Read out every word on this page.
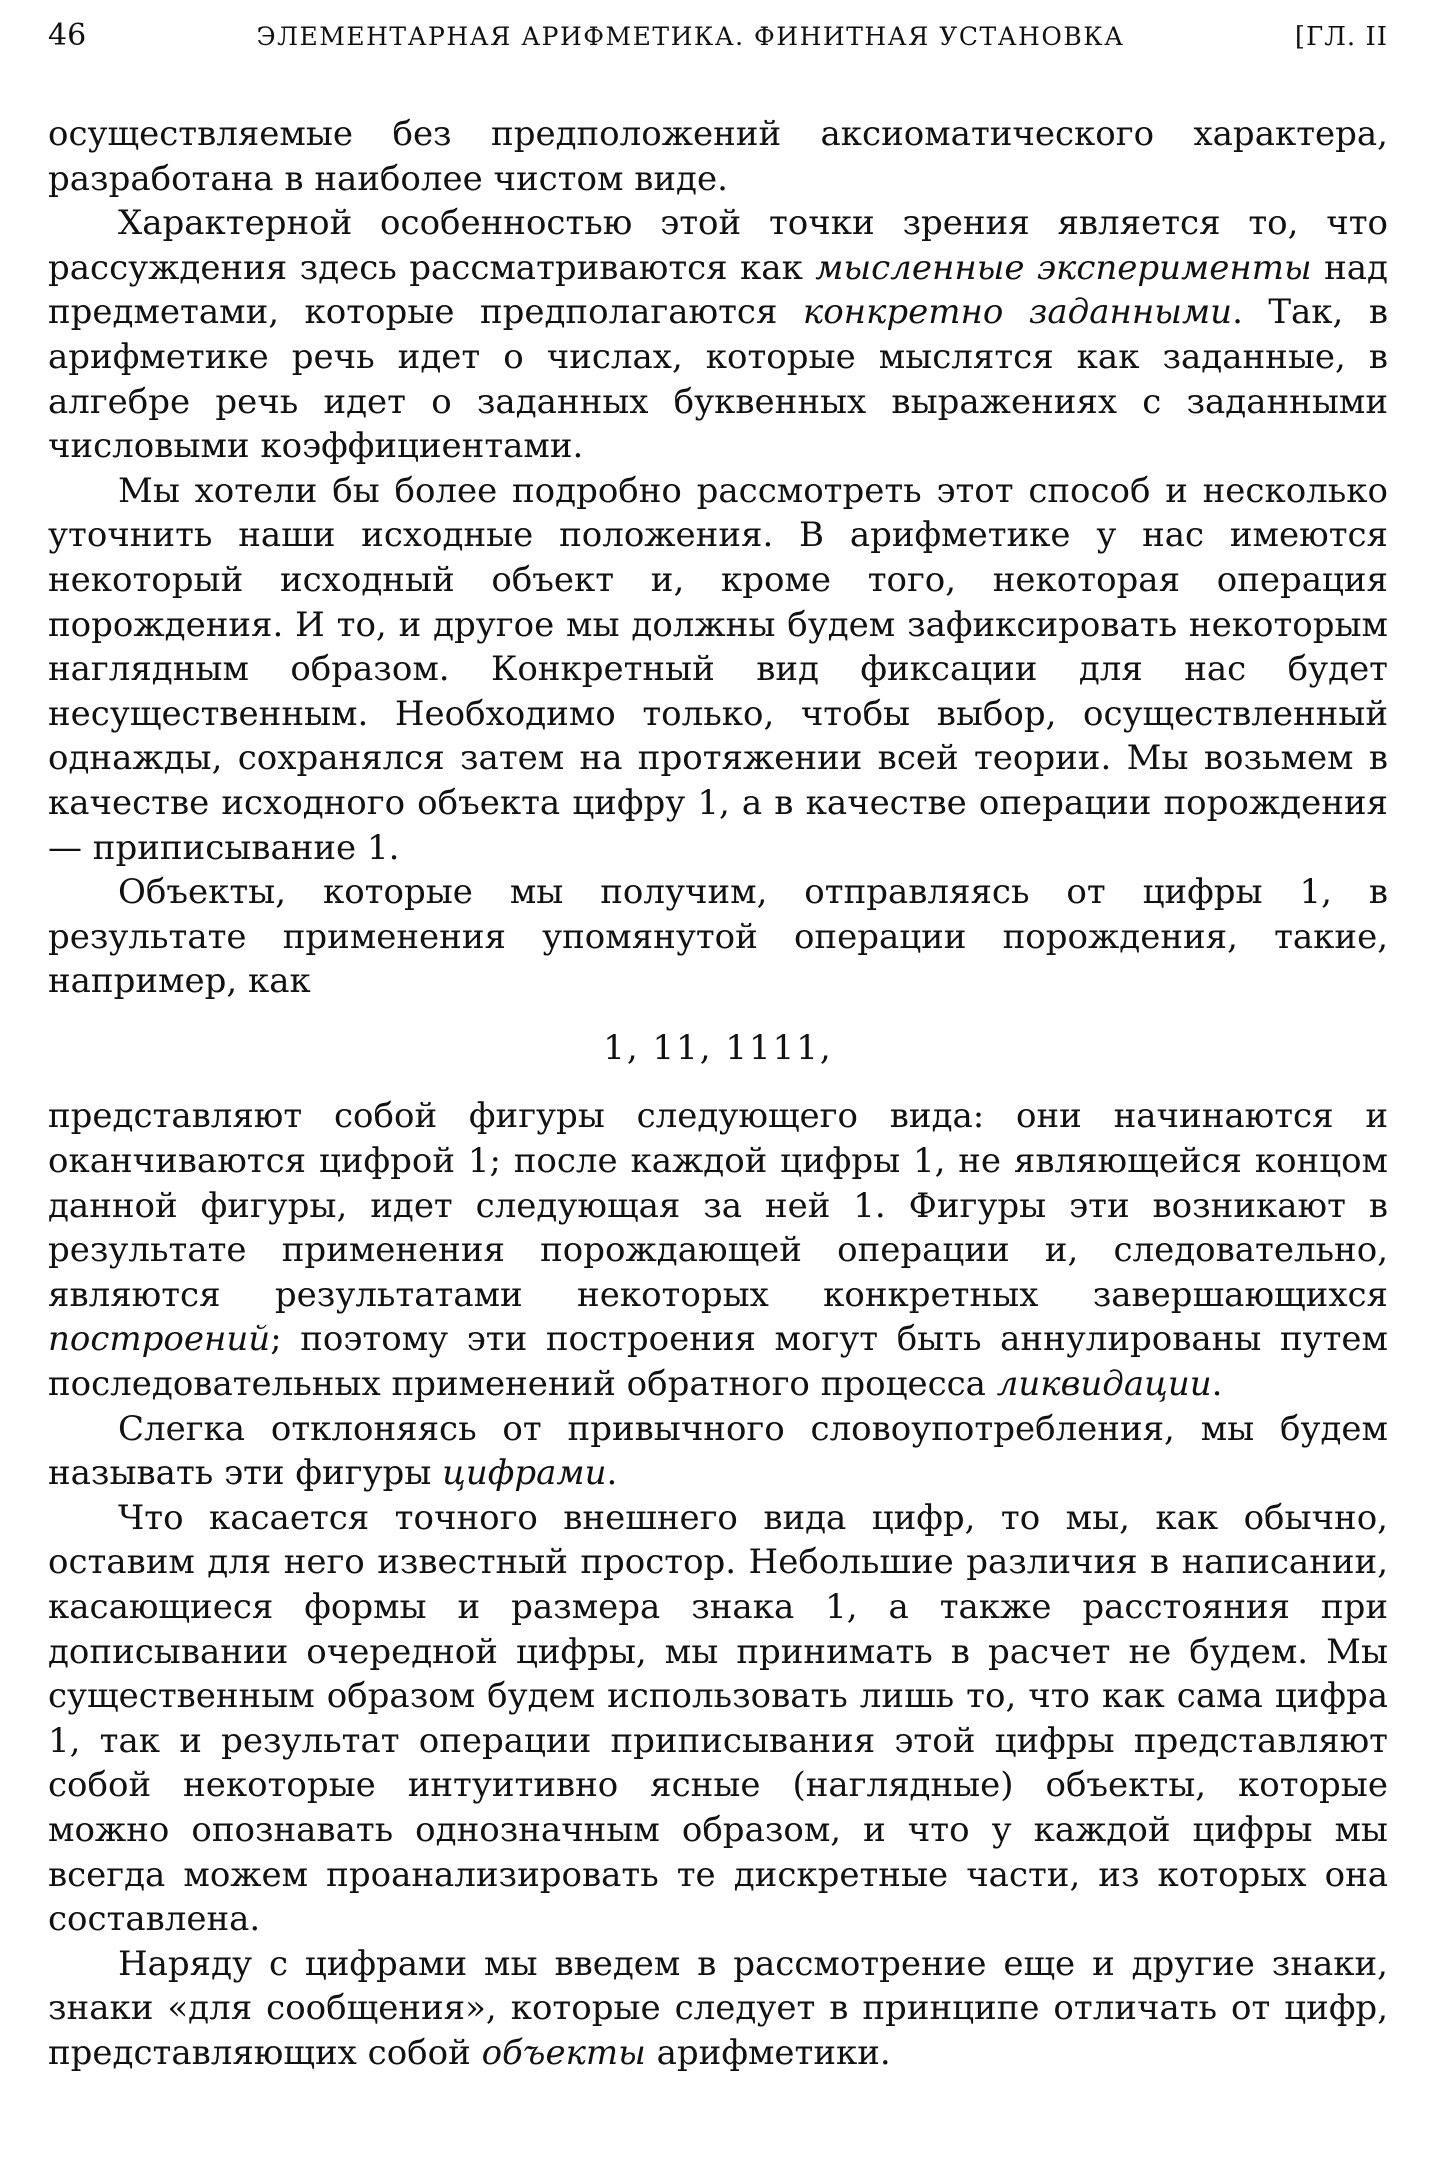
46	ЭЛЕМЕНТАРНАЯ АРИФМЕТИКА. ФИНИТНАЯ УСТАНОВКА	[ГЛ. II

осуществляемые без предположений аксиоматического характера, разработана в наиболее чистом виде.

Характерной особенностью этой точки зрения является то, что рассуждения здесь рассматриваются как мысленные эксперименты над предметами, которые предполагаются конкретно заданными. Так, в арифметике речь идет о числах, которые мыслятся как заданные, в алгебре речь идет о заданных буквенных выражениях с заданными числовыми коэффициентами.

Мы хотели бы более подробно рассмотреть этот способ и несколько уточнить наши исходные положения. В арифметике у нас имеются некоторый исходный объект и, кроме того, некоторая операция порождения. И то, и другое мы должны будем зафиксировать некоторым наглядным образом. Конкретный вид фиксации для нас будет несущественным. Необходимо только, чтобы выбор, осуществленный однажды, сохранялся затем на протяжении всей теории. Мы возьмем в качестве исходного объекта цифру 1, а в качестве операции порождения — приписывание 1.

Объекты, которые мы получим, отправляясь от цифры 1, в результате применения упомянутой операции порождения, такие, например, как

1, 11, 1111,

представляют собой фигуры следующего вида: они начинаются и оканчиваются цифрой 1; после каждой цифры 1, не являющейся концом данной фигуры, идет следующая за ней 1. Фигуры эти возникают в результате применения порождающей операции и, следовательно, являются результатами некоторых конкретных завершающихся построений; поэтому эти построения могут быть аннулированы путем последовательных применений обратного процесса ликвидации.

Слегка отклоняясь от привычного словоупотребления, мы будем называть эти фигуры цифрами.

Что касается точного внешнего вида цифр, то мы, как обычно, оставим для него известный простор. Небольшие различия в написании, касающиеся формы и размера знака 1, а также расстояния при дописывании очередной цифры, мы принимать в расчет не будем. Мы существенным образом будем использовать лишь то, что как сама цифра 1, так и результат операции приписывания этой цифры представляют собой некоторые интуитивно ясные (наглядные) объекты, которые можно опознавать однозначным образом, и что у каждой цифры мы всегда можем проанализировать те дискретные части, из которых она составлена.

Наряду с цифрами мы введем в рассмотрение еще и другие знаки, знаки «для сообщения», которые следует в принципе отличать от цифр, представляющих собой объекты арифметики.
